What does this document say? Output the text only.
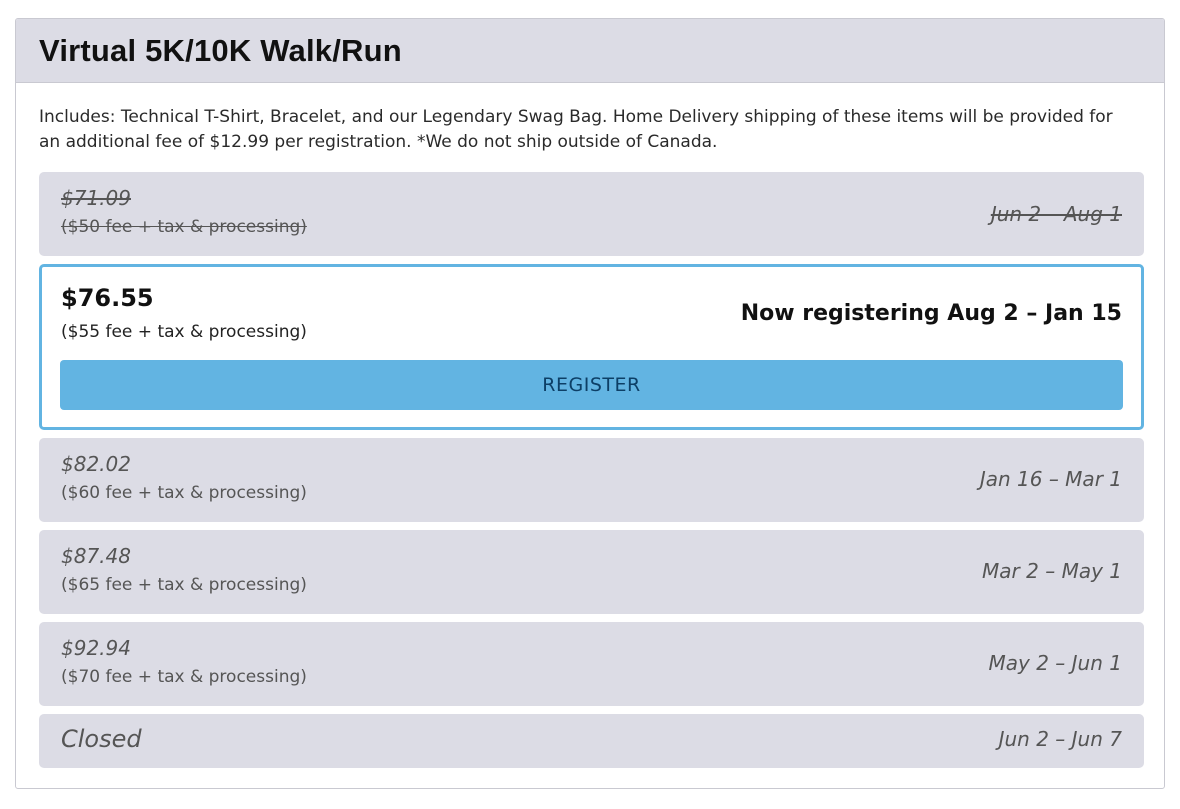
Virtual 5K/10K Walk/Run

Includes: Technical T-Shirt, Bracelet, and our Legendary Swag Bag. Home Delivery shipping of these items will be provided for an additional fee of $12.99 per registration. *We do not ship outside of Canada.

$71.09
($50 fee + tax & processing)
Jun 2 – Aug 1
$76.55
($55 fee + tax & processing)
Now registering Aug 2 – Jan 15
REGISTER
$82.02
($60 fee + tax & processing)
Jan 16 – Mar 1
$87.48
($65 fee + tax & processing)
Mar 2 – May 1
$92.94
($70 fee + tax & processing)
May 2 – Jun 1
Closed	Jun 2 – Jun 7
